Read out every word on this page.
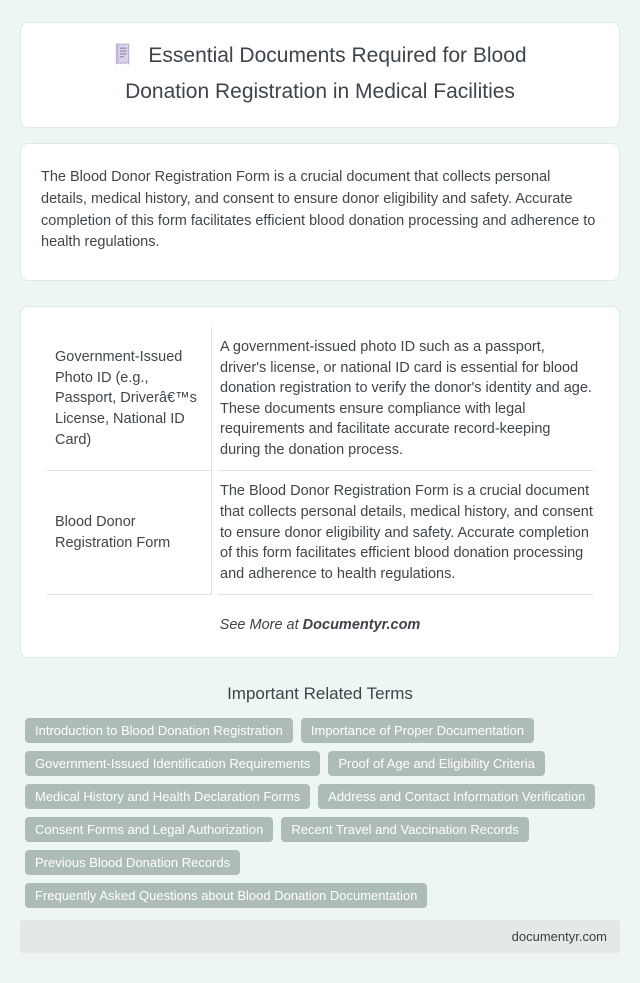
Essential Documents Required for Blood Donation Registration in Medical Facilities

The Blood Donor Registration Form is a crucial document that collects personal details, medical history, and consent to ensure donor eligibility and safety. Accurate completion of this form facilitates efficient blood donation processing and adherence to health regulations.

Government-Issued Photo ID (e.g., Passport, Driverâ€™s License, National ID Card)	A government-issued photo ID such as a passport, driver's license, or national ID card is essential for blood donation registration to verify the donor's identity and age. These documents ensure compliance with legal requirements and facilitate accurate record-keeping during the donation process.
Blood Donor Registration Form	The Blood Donor Registration Form is a crucial document that collects personal details, medical history, and consent to ensure donor eligibility and safety. Accurate completion of this form facilitates efficient blood donation processing and adherence to health regulations.
See More at Documentyr.com
Important Related Terms
Introduction to Blood Donation Registration	Importance of Proper Documentation
Government-Issued Identification Requirements	Proof of Age and Eligibility Criteria
Medical History and Health Declaration Forms	Address and Contact Information Verification
Consent Forms and Legal Authorization	Recent Travel and Vaccination Records
Previous Blood Donation Records
Frequently Asked Questions about Blood Donation Documentation
documentyr.com
